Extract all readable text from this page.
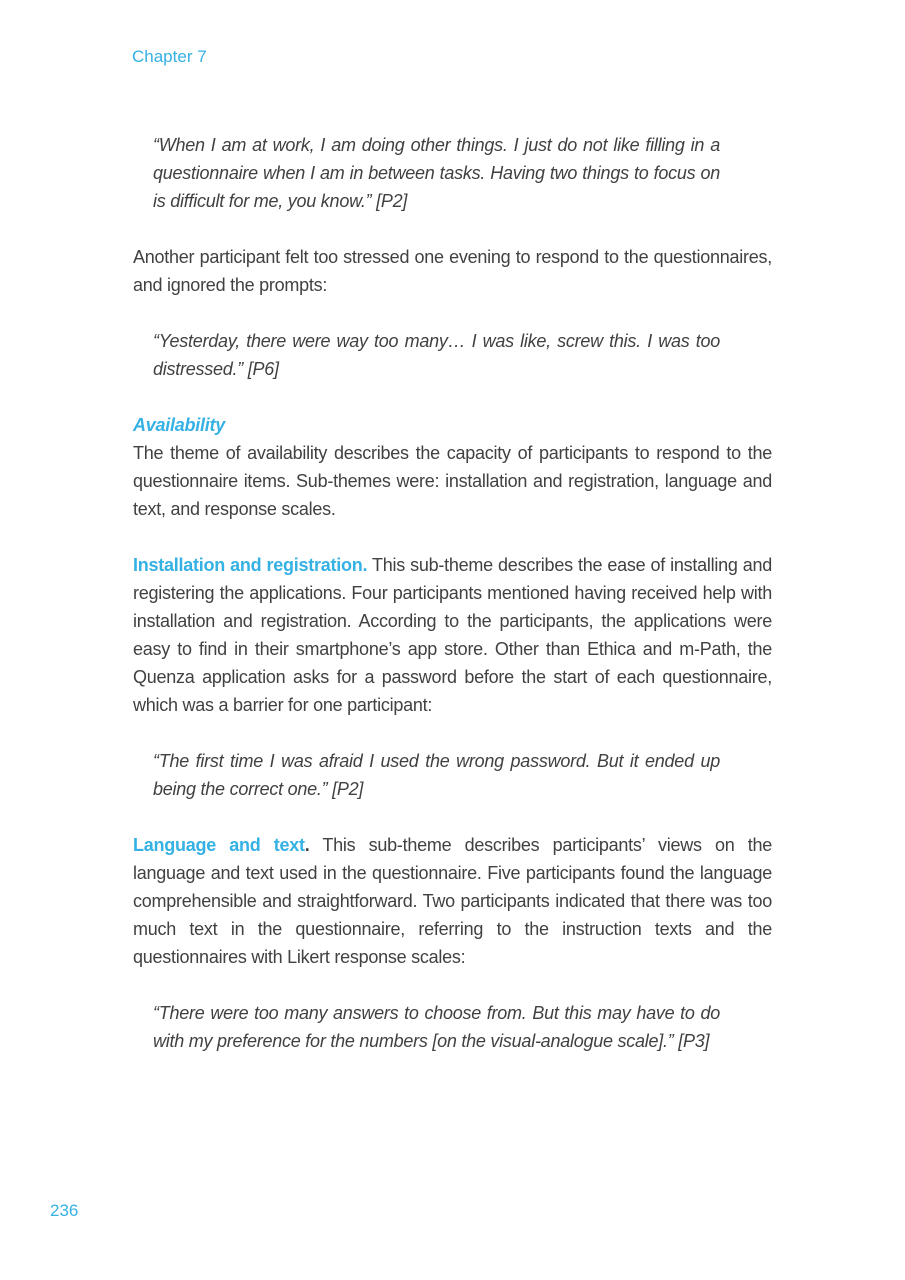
Chapter 7
“When I am at work, I am doing other things. I just do not like filling in a questionnaire when I am in between tasks. Having two things to focus on is difficult for me, you know.” [P2]

Another participant felt too stressed one evening to respond to the questionnaires, and ignored the prompts:

“Yesterday, there were way too many… I was like, screw this. I was too distressed.” [P6]
Availability

The theme of availability describes the capacity of participants to respond to the questionnaire items. Sub-themes were: installation and registration, language and text, and response scales.

Installation and registration. This sub-theme describes the ease of installing and registering the applications. Four participants mentioned having received help with installation and registration. According to the participants, the applications were easy to find in their smartphone’s app store. Other than Ethica and m-Path, the Quenza application asks for a password before the start of each questionnaire, which was a barrier for one participant:

“The first time I was afraid I used the wrong password. But it ended up being the correct one.” [P2]

Language and text. This sub-theme describes participants’ views on the language and text used in the questionnaire. Five participants found the language comprehensible and straightforward. Two participants indicated that there was too much text in the questionnaire, referring to the instruction texts and the questionnaires with Likert response scales:

“There were too many answers to choose from. But this may have to do with my preference for the numbers [on the visual-analogue scale].” [P3]
236
